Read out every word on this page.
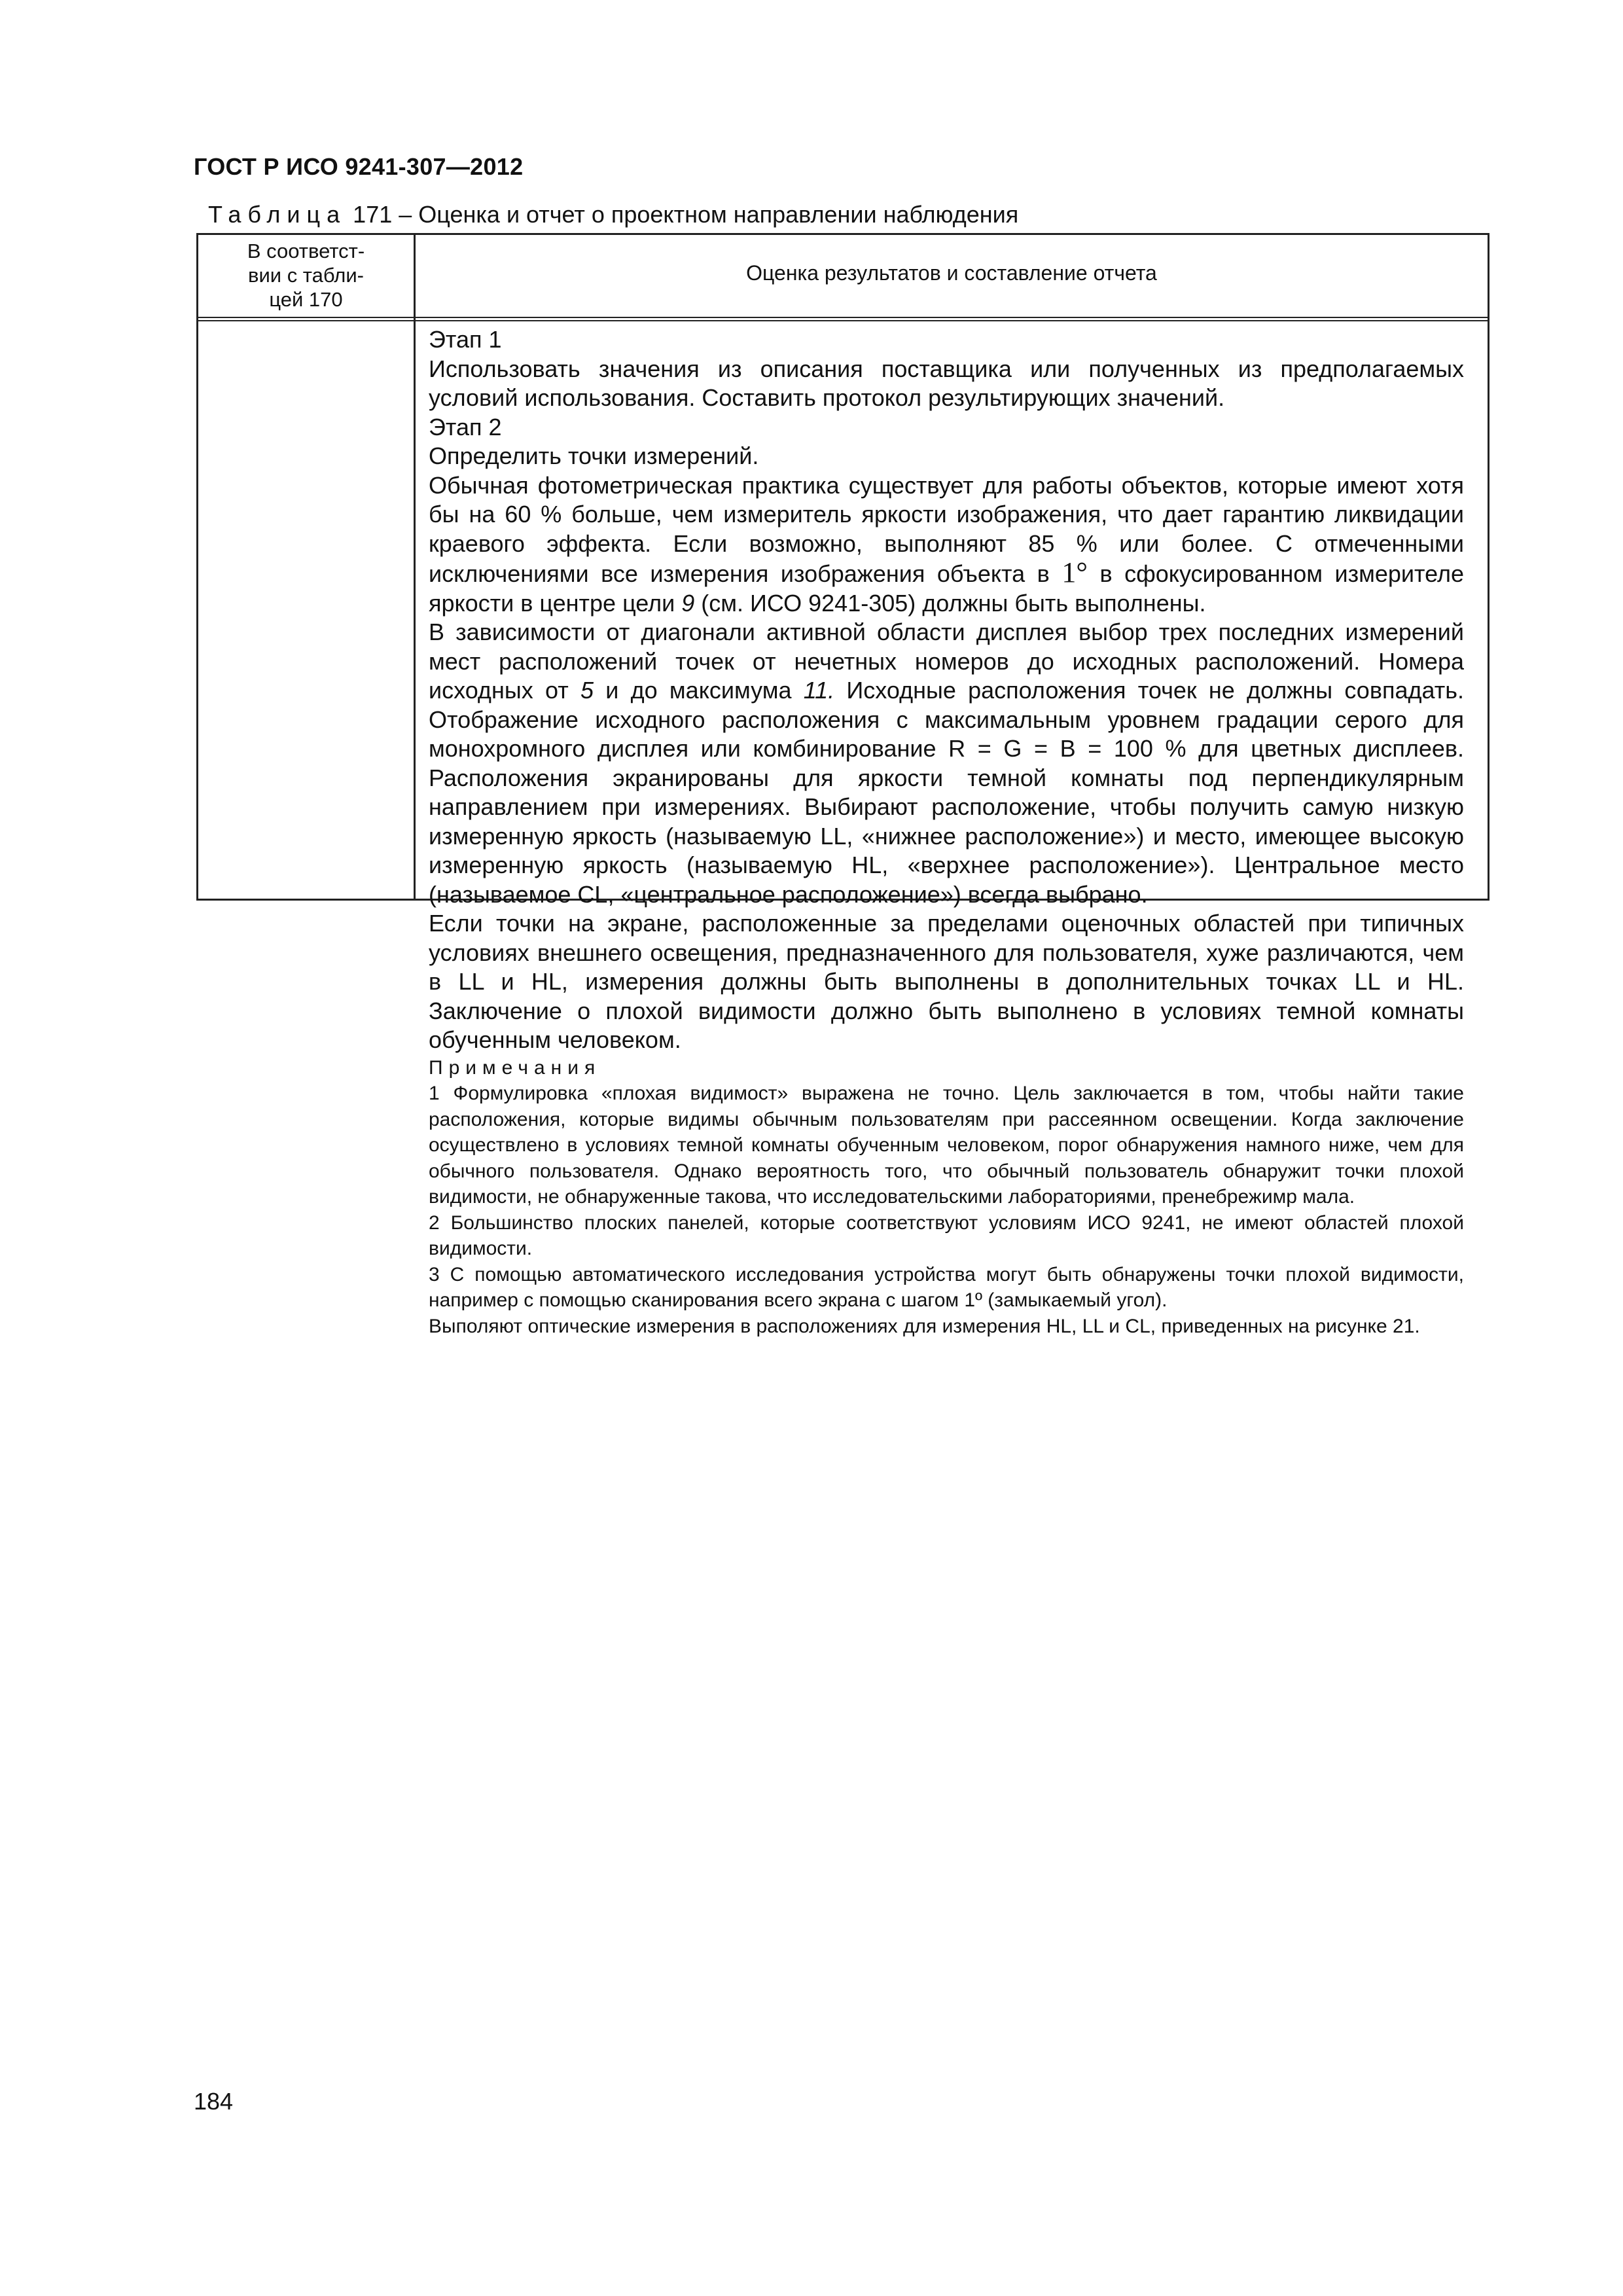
ГОСТ Р ИСО 9241-307—2012
Таблица 171 – Оценка и отчет о проектном направлении наблюдения
В соответст-
вии с табли-
цей 170
Оценка результатов и составление отчета

Этап 1

Использовать значения из описания поставщика или полученных из предполагаемых условий использования. Составить протокол результирующих значений.

Этап 2

Определить точки измерений.

Обычная фотометрическая практика существует для работы объектов, которые имеют хотя бы на 60 % больше, чем измеритель яркости изображения, что дает гарантию ликвидации краевого эффекта. Если возможно, выполняют 85 % или более. С отмеченными исключениями все измерения изображения объекта в 1° в сфокусированном измерителе яркости в центре цели 9 (см. ИСО 9241-305) должны быть выполнены.

В зависимости от диагонали активной области дисплея выбор трех последних измерений мест расположений точек от нечетных номеров до исходных расположений. Номера исходных от 5 и до максимума 11. Исходные расположения точек не должны совпадать. Отображение исходного расположения с максимальным уровнем градации серого для монохромного дисплея или комбинирование R = G = B = 100 % для цветных дисплеев. Расположения экранированы для яркости темной комнаты под перпендикулярным направлением при измерениях. Выбирают расположение, чтобы получить самую низкую измеренную яркость (называемую LL, «нижнее расположение») и место, имеющее высокую измеренную яркость (называемую HL, «верхнее расположение»). Центральное место (называемое CL, «центральное расположение») всегда выбрано.

Если точки на экране, расположенные за пределами оценочных областей при типичных условиях внешнего освещения, предназначенного для пользователя, хуже различаются, чем в LL и HL, измерения должны быть выполнены в дополнительных точках LL и HL. Заключение о плохой видимости должно быть выполнено в условиях темной комнаты обученным человеком.

Примечания

1 Формулировка «плохая видимост» выражена не точно. Цель заключается в том, чтобы найти такие расположения, которые видимы обычным пользователям при рассеянном освещении. Когда заключение осуществлено в условиях темной комнаты обученным человеком, порог обнаружения намного ниже, чем для обычного пользователя. Однако вероятность того, что обычный пользователь обнаружит точки плохой видимости, не обнаруженные такова, что исследовательскими лабораториями, пренебрежимр мала.

2 Большинство плоских панелей, которые соответствуют условиям ИСО 9241, не имеют областей плохой видимости.

3 С помощью автоматического исследования устройства могут быть обнаружены точки плохой видимости, например с помощью сканирования всего экрана с шагом 1º (замыкаемый угол).

Выполяют оптические измерения в расположениях для измерения HL, LL и CL, приведенных на рисунке 21.

184
